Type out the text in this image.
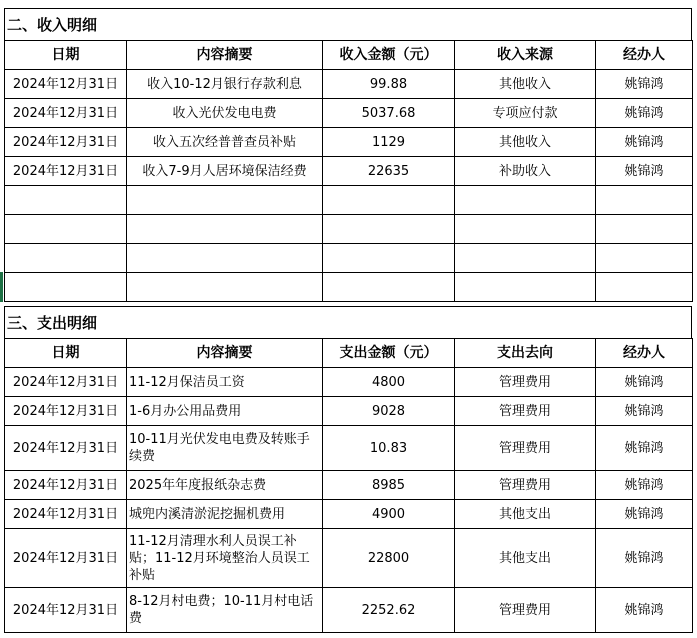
二、收入明细
日期	内容摘要	收入金额（元）	收入来源	经办人
2024年12月31日	收入10-12月银行存款利息	99.88	其他收入	姚锦鸿
2024年12月31日	收入光伏发电电费	5037.68	专项应付款	姚锦鸿
2024年12月31日	收入五次经普普查员补贴	1129	其他收入	姚锦鸿
2024年12月31日	收入7-9月人居环境保洁经费	22635	补助收入	姚锦鸿

三、支出明细
日期	内容摘要	支出金额（元）	支出去向	经办人
2024年12月31日	11-12月保洁员工资	4800	管理费用	姚锦鸿
2024年12月31日	1-6月办公用品费用	9028	管理费用	姚锦鸿
2024年12月31日	10-11月光伏发电电费及转账手续费	10.83	管理费用	姚锦鸿
2024年12月31日	2025年年度报纸杂志费	8985	管理费用	姚锦鸿
2024年12月31日	城兜内溪清淤泥挖掘机费用	4900	其他支出	姚锦鸿
2024年12月31日	11-12月清理水利人员误工补贴；11-12月环境整治人员误工补贴	22800	其他支出	姚锦鸿
2024年12月31日	8-12月村电费；10-11月村电话费	2252.62	管理费用	姚锦鸿
